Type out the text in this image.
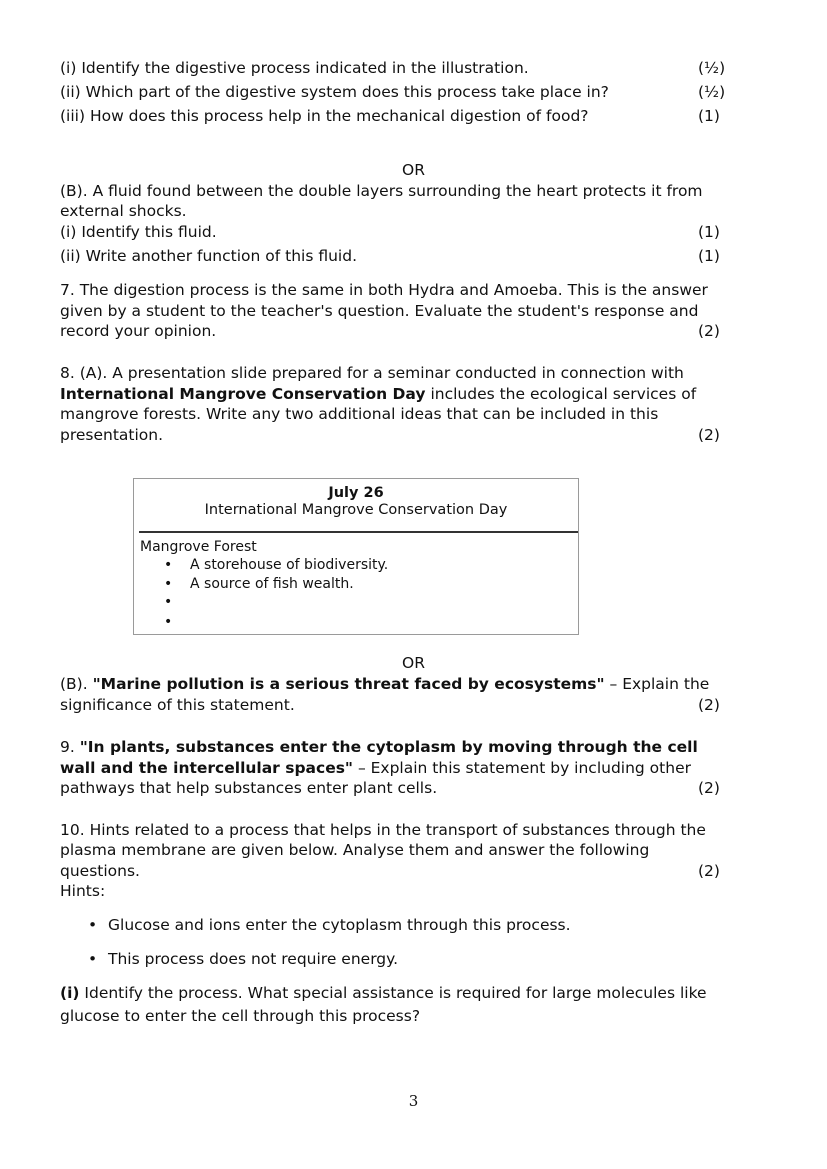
(i) Identify the digestive process indicated in the illustration.	(½)
(ii) Which part of the digestive system does this process take place in?	(½)
(iii) How does this process help in the mechanical digestion of food?	(1)
OR
(B). A fluid found between the double layers surrounding the heart protects it from
external shocks.
(i) Identify this fluid.	(1)
(ii) Write another function of this fluid.	(1)
7. The digestion process is the same in both Hydra and Amoeba. This is the answer
given by a student to the teacher's question. Evaluate the student's response and
record your opinion.	(2)
8. (A). A presentation slide prepared for a seminar conducted in connection with
International Mangrove Conservation Day includes the ecological services of
mangrove forests. Write any two additional ideas that can be included in this
presentation.	(2)
July 26
International Mangrove Conservation Day
Mangrove Forest
• A storehouse of biodiversity.
• A source of fish wealth.
•
•
OR
(B). "Marine pollution is a serious threat faced by ecosystems" – Explain the
significance of this statement.	(2)
9. "In plants, substances enter the cytoplasm by moving through the cell
wall and the intercellular spaces" – Explain this statement by including other
pathways that help substances enter plant cells.	(2)
10. Hints related to a process that helps in the transport of substances through the
plasma membrane are given below. Analyse them and answer the following
questions.	(2)
Hints:
• Glucose and ions enter the cytoplasm through this process.
• This process does not require energy.
(i) Identify the process. What special assistance is required for large molecules like
glucose to enter the cell through this process?
3
